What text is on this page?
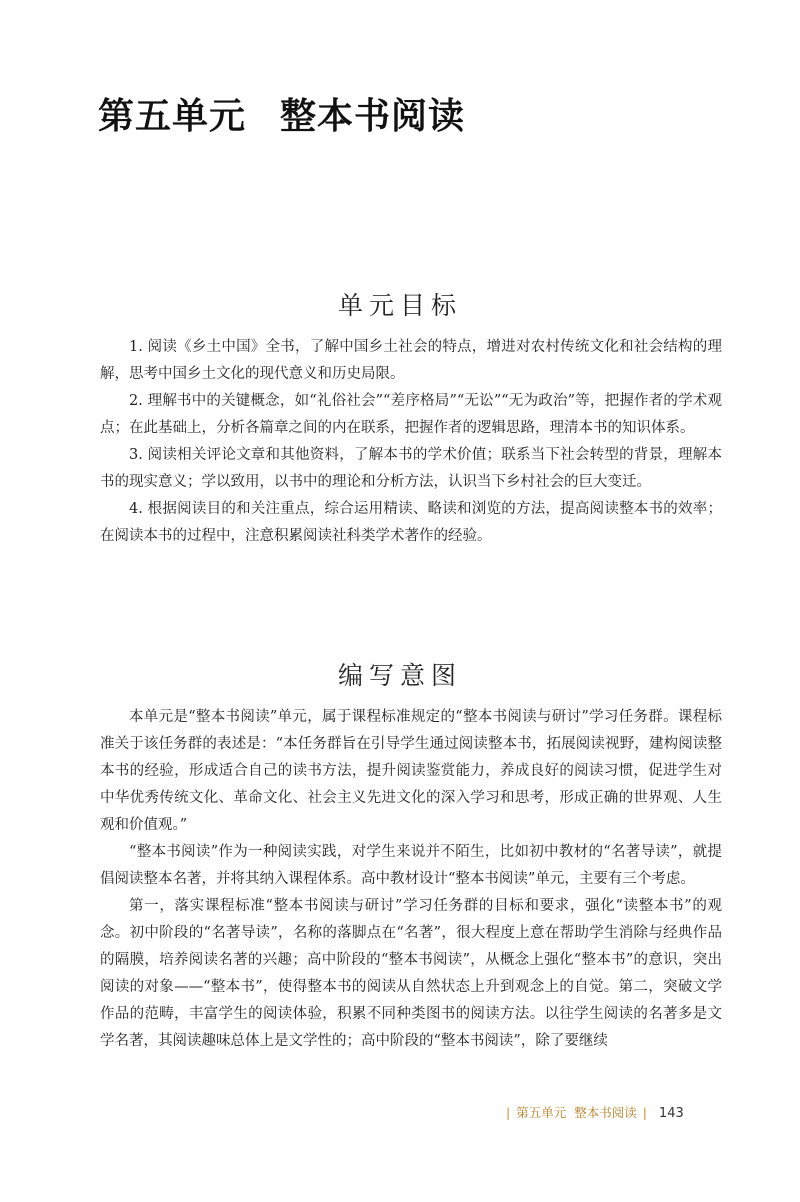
第五单元 整本书阅读
单元目标

1. 阅读《乡土中国》全书，了解中国乡土社会的特点，增进对农村传统文化和社会结构的理解，思考中国乡土文化的现代意义和历史局限。

2. 理解书中的关键概念，如“礼俗社会”“差序格局”“无讼”“无为政治”等，把握作者的学术观点；在此基础上，分析各篇章之间的内在联系，把握作者的逻辑思路，理清本书的知识体系。

3. 阅读相关评论文章和其他资料，了解本书的学术价值；联系当下社会转型的背景，理解本书的现实意义；学以致用，以书中的理论和分析方法，认识当下乡村社会的巨大变迁。

4. 根据阅读目的和关注重点，综合运用精读、略读和浏览的方法，提高阅读整本书的效率；在阅读本书的过程中，注意积累阅读社科类学术著作的经验。

编写意图

本单元是“整本书阅读”单元，属于课程标准规定的“整本书阅读与研讨”学习任务群。课程标准关于该任务群的表述是：“本任务群旨在引导学生通过阅读整本书，拓展阅读视野，建构阅读整本书的经验，形成适合自己的读书方法，提升阅读鉴赏能力，养成良好的阅读习惯，促进学生对中华优秀传统文化、革命文化、社会主义先进文化的深入学习和思考，形成正确的世界观、人生观和价值观。”

“整本书阅读”作为一种阅读实践，对学生来说并不陌生，比如初中教材的“名著导读”，就提倡阅读整本名著，并将其纳入课程体系。高中教材设计“整本书阅读”单元，主要有三个考虑。

第一，落实课程标准“整本书阅读与研讨”学习任务群的目标和要求，强化“读整本书”的观念。初中阶段的“名著导读”，名称的落脚点在“名著”，很大程度上意在帮助学生消除与经典作品的隔膜，培养阅读名著的兴趣；高中阶段的“整本书阅读”，从概念上强化“整本书”的意识，突出阅读的对象——“整本书”，使得整本书的阅读从自然状态上升到观念上的自觉。第二，突破文学作品的范畴，丰富学生的阅读体验，积累不同种类图书的阅读方法。以往学生阅读的名著多是文学名著，其阅读趣味总体上是文学性的；高中阶段的“整本书阅读”，除了要继续

| 第五单元 整本书阅读 | 143
